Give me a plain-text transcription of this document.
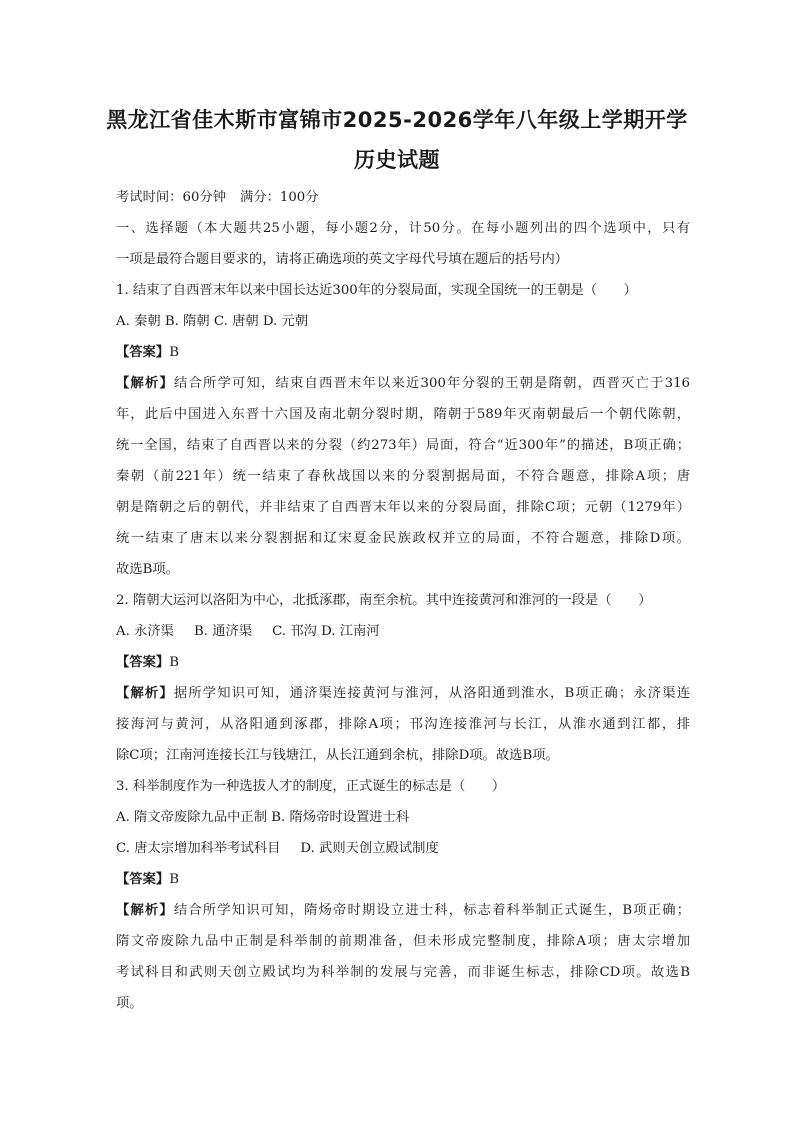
黑龙江省佳木斯市富锦市2025-2026学年八年级上学期开学
历史试题
考试时间：60分钟 满分：100分
一、选择题（本大题共25小题，每小题2分，计50分。在每小题列出的四个选项中，只有
一项是最符合题目要求的，请将正确选项的英文字母代号填在题后的括号内）
1. 结束了自西晋末年以来中国长达近300年的分裂局面，实现全国统一的王朝是（　　）
A. 秦朝 B. 隋朝 C. 唐朝 D. 元朝
【答案】B
【解析】结合所学可知，结束自西晋末年以来近300年分裂的王朝是隋朝，西晋灭亡于316
年，此后中国进入东晋十六国及南北朝分裂时期，隋朝于589年灭南朝最后一个朝代陈朝，
统一全国，结束了自西晋以来的分裂（约273年）局面，符合“近300年”的描述，B项正确；
秦朝（前221年）统一结束了春秋战国以来的分裂割据局面，不符合题意，排除A项；唐
朝是隋朝之后的朝代，并非结束了自西晋末年以来的分裂局面，排除C项；元朝（1279年）
统一结束了唐末以来分裂割据和辽宋夏金民族政权并立的局面，不符合题意，排除D项。
故选B项。
2. 隋朝大运河以洛阳为中心，北抵涿郡，南至余杭。其中连接黄河和淮河的一段是（　　）
A. 永济渠 B. 通济渠 C. 邗沟 D. 江南河
【答案】B
【解析】据所学知识可知，通济渠连接黄河与淮河，从洛阳通到淮水，B项正确；永济渠连
接海河与黄河，从洛阳通到涿郡，排除A项；邗沟连接淮河与长江，从淮水通到江都，排
除C项；江南河连接长江与钱塘江，从长江通到余杭，排除D项。故选B项。
3. 科举制度作为一种选拔人才的制度，正式诞生的标志是（　　）
A. 隋文帝废除九品中正制 B. 隋炀帝时设置进士科
C. 唐太宗增加科举考试科目 D. 武则天创立殿试制度
【答案】B
【解析】结合所学知识可知，隋炀帝时期设立进士科，标志着科举制正式诞生，B项正确；
隋文帝废除九品中正制是科举制的前期准备，但未形成完整制度，排除A项；唐太宗增加
考试科目和武则天创立殿试均为科举制的发展与完善，而非诞生标志，排除CD项。故选B
项。
